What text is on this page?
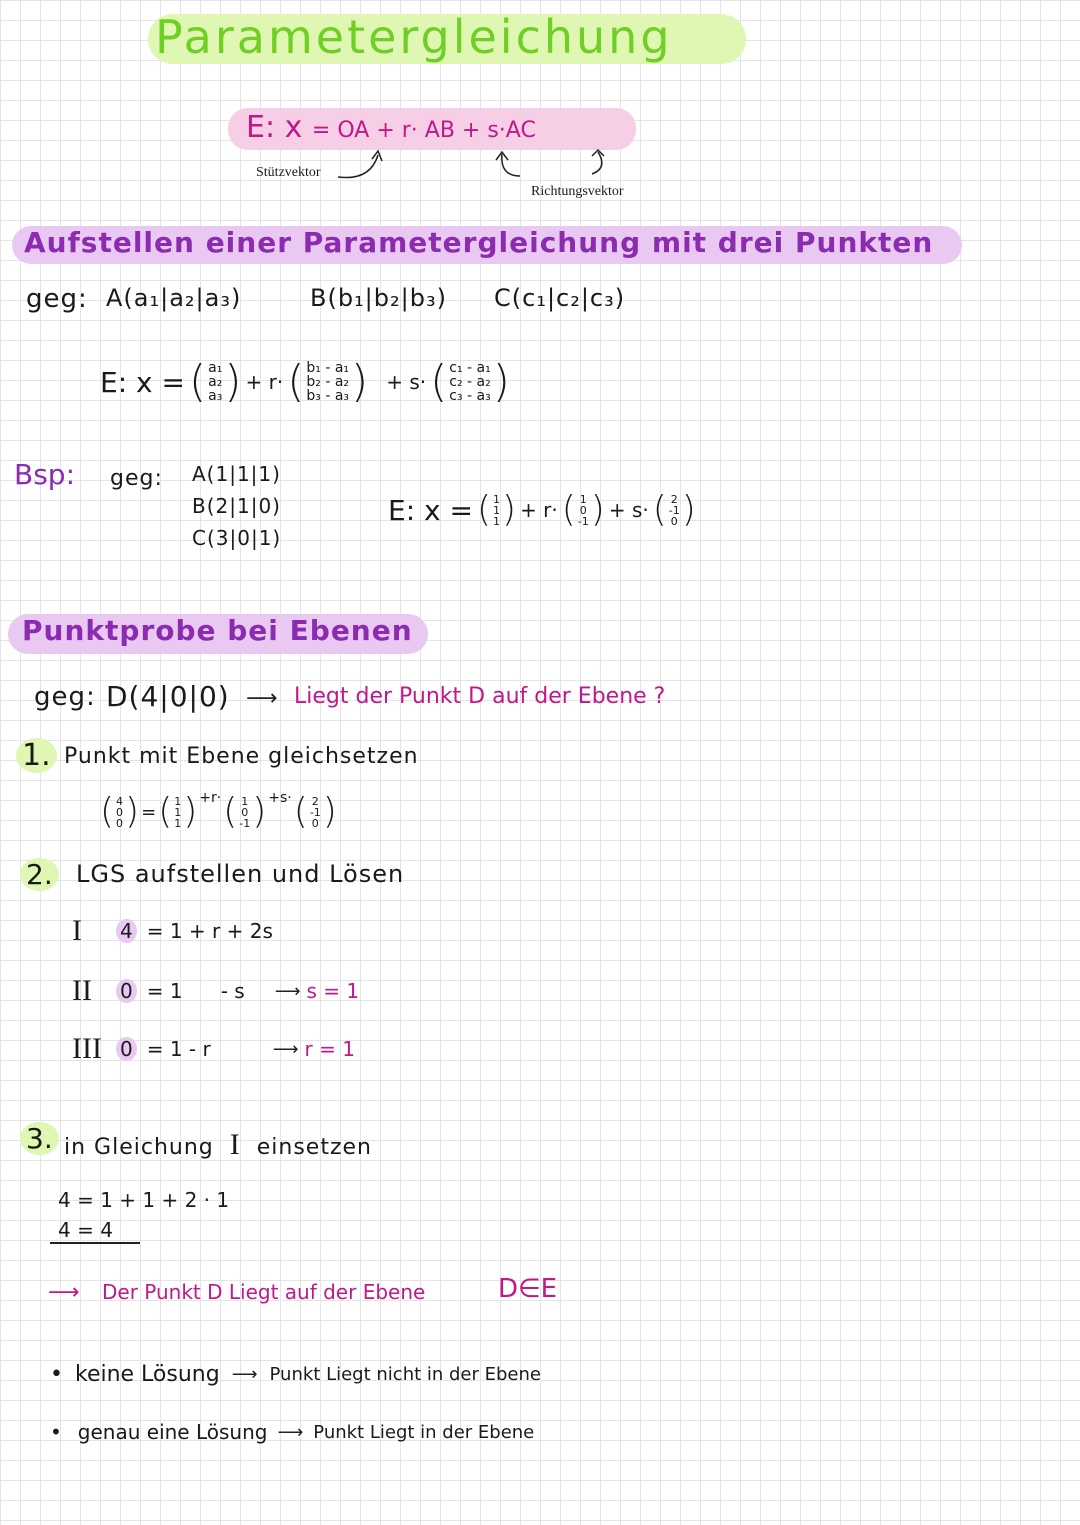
Parametergleichung
E: x = OA + r· AB + s·AC
Stützvektor
Richtungsvektor
Aufstellen einer Parametergleichung mit drei Punkten
geg: A(a₁|a₂|a₃)	B(b₁|b₂|b₃) C(c₁|c₂|c₃)
E: x = ( a₁
a₂
a₃ ) + r· ( b₁ - a₁
b₂ - a₂
b₃ - a₃ ) + s· ( c₁ - a₁
c₂ - a₂
c₃ - a₃ )
Bsp: geg: A(1|1|1)
B(2|1|0)
C(3|0|1)
E: x = ( 1
1
1 ) + r· ( 1
0
-1 ) + s· ( 2
-1
0 )
Punktprobe bei Ebenen
geg: D(4|0|0) ⟶ Liegt der Punkt D auf der Ebene ?
1. Punkt mit Ebene gleichsetzen
( 4
0
0 ) = ( 1
1
1 ) +r· ( 1
0
-1 ) +s· ( 2
-1
0 )
2. LGS aufstellen und Lösen
I	4 = 1 + r + 2s
II	0 = 1      - s ⟶ s = 1
III 0 = 1 - r	⟶ r = 1
3. in Gleichung I einsetzen
4 = 1 + 1 + 2 · 1
4 = 4
⟶ Der Punkt D Liegt auf der Ebene	D∈E
• keine Lösung ⟶ Punkt Liegt nicht in der Ebene
• genau eine Lösung ⟶ Punkt Liegt in der Ebene
